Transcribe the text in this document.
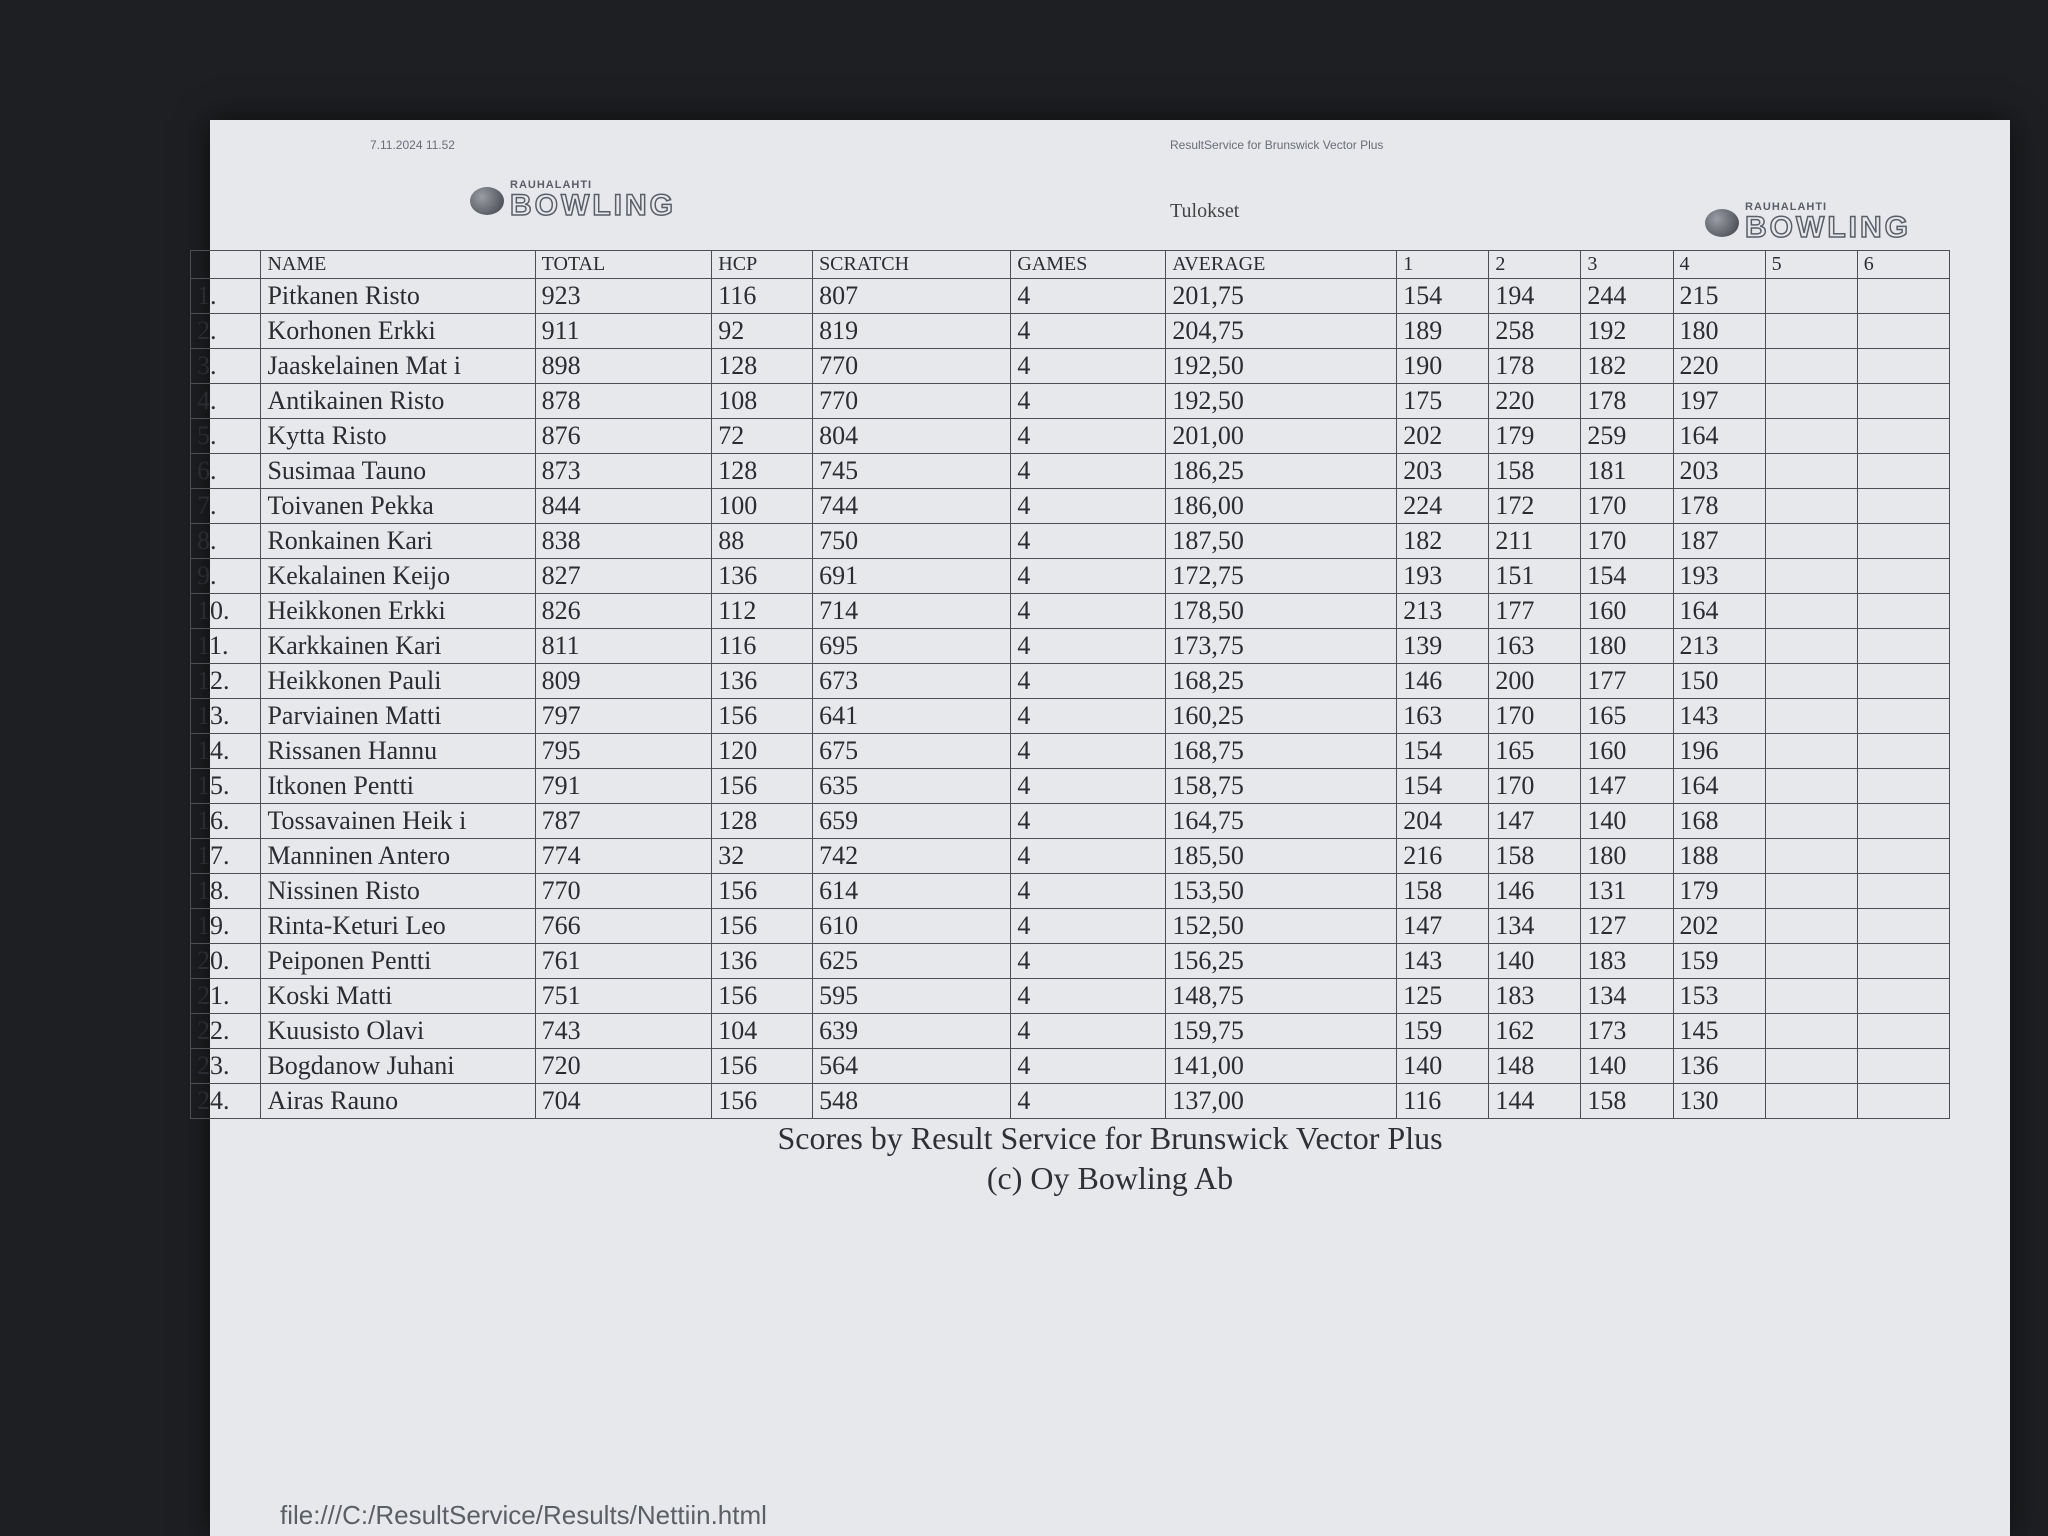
7.11.2024 11.52	ResultService for Brunswick Vector Plus
RAUHALAHTI
BOWLING	Tulokset	RAUHALAHTI
BOWLING
	NAME	TOTAL	HCP	SCRATCH	GAMES	AVERAGE	1	2	3	4	5	6
1.	Pitkanen Risto	923	116	807	4	201,75	154	194	244	215		
2.	Korhonen Erkki	911	92	819	4	204,75	189	258	192	180		
3.	Jaaskelainen Mat i	898	128	770	4	192,50	190	178	182	220		
4.	Antikainen Risto	878	108	770	4	192,50	175	220	178	197		
5.	Kytta Risto	876	72	804	4	201,00	202	179	259	164		
6.	Susimaa Tauno	873	128	745	4	186,25	203	158	181	203		
7.	Toivanen Pekka	844	100	744	4	186,00	224	172	170	178		
8.	Ronkainen Kari	838	88	750	4	187,50	182	211	170	187		
9.	Kekalainen Keijo	827	136	691	4	172,75	193	151	154	193		
10.	Heikkonen Erkki	826	112	714	4	178,50	213	177	160	164		
11.	Karkkainen Kari	811	116	695	4	173,75	139	163	180	213		
12.	Heikkonen Pauli	809	136	673	4	168,25	146	200	177	150		
13.	Parviainen Matti	797	156	641	4	160,25	163	170	165	143		
14.	Rissanen Hannu	795	120	675	4	168,75	154	165	160	196		
15.	Itkonen Pentti	791	156	635	4	158,75	154	170	147	164		
16.	Tossavainen Heik i	787	128	659	4	164,75	204	147	140	168		
17.	Manninen Antero	774	32	742	4	185,50	216	158	180	188		
18.	Nissinen Risto	770	156	614	4	153,50	158	146	131	179		
19.	Rinta-Keturi Leo	766	156	610	4	152,50	147	134	127	202		
20.	Peiponen Pentti	761	136	625	4	156,25	143	140	183	159		
21.	Koski Matti	751	156	595	4	148,75	125	183	134	153		
22.	Kuusisto Olavi	743	104	639	4	159,75	159	162	173	145		
23.	Bogdanow Juhani	720	156	564	4	141,00	140	148	140	136		
24.	Airas Rauno	704	156	548	4	137,00	116	144	158	130		
Scores by Result Service for Brunswick Vector Plus
(c) Oy Bowling Ab
file:///C:/ResultService/Results/Nettiin.html
